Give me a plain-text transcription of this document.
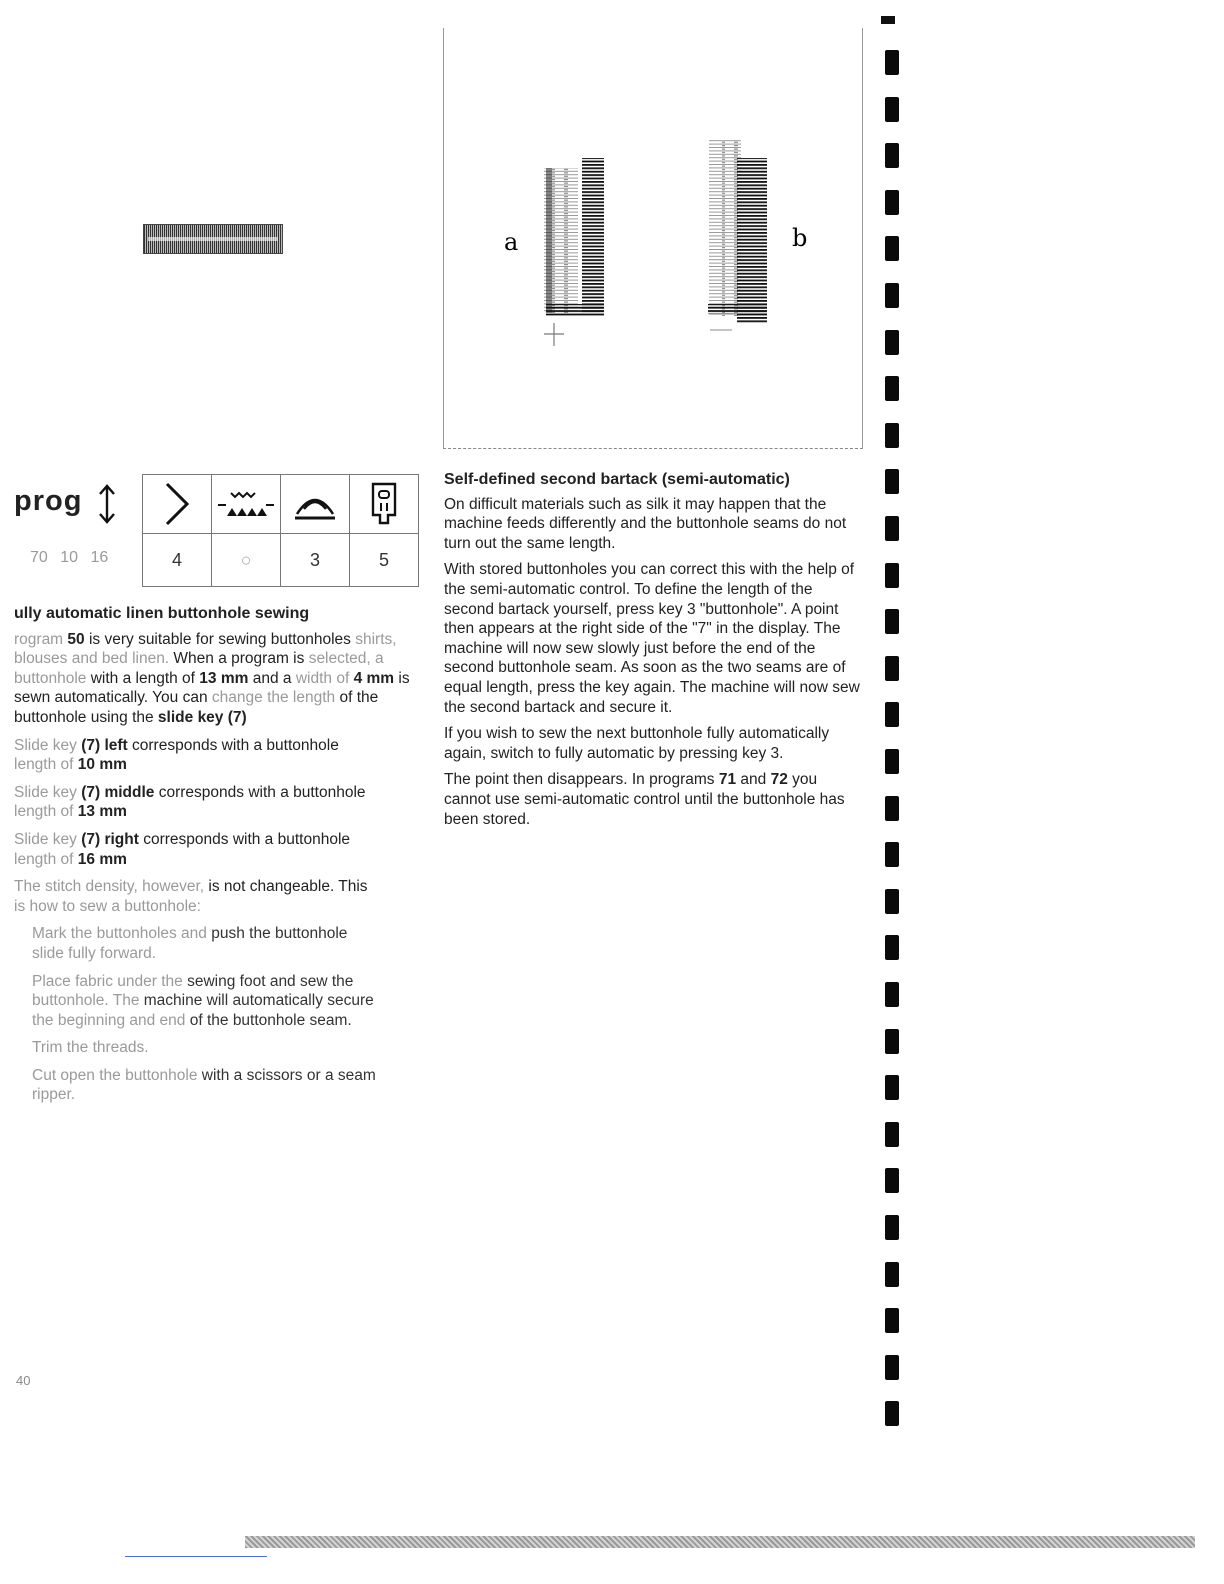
prog
70 10 16

		4	○	3	5
ully automatic linen buttonhole sewing

rogram 50 is very suitable for sewing buttonholes shirts, blouses and bed linen. When a program is selected, a buttonhole with a length of 13 mm and a width of 4 mm is sewn automatically. You can change the length of the buttonhole using the slide key (7)

Slide key (7) left corresponds with a buttonhole
length of 10 mm

Slide key (7) middle corresponds with a buttonhole
length of 13 mm

Slide key (7) right corresponds with a buttonhole
length of 16 mm

The stitch density, however, is not changeable. This
is how to sew a buttonhole:

Mark the buttonholes and push the buttonhole
slide fully forward.

Place fabric under the sewing foot and sew the
buttonhole. The machine will automatically secure
the beginning and end of the buttonhole seam.

Trim the threads.

Cut open the buttonhole with a scissors or a seam
ripper.

40
a	b
Self-defined second bartack (semi-automatic)

On difficult materials such as silk it may happen that the machine feeds differently and the buttonhole seams do not turn out the same length.

With stored buttonholes you can correct this with the help of the semi-automatic control. To define the length of the second bartack yourself, press key 3 "buttonhole". A point then appears at the right side of the "7" in the display. The machine will now sew slowly just before the end of the second buttonhole seam. As soon as the two seams are of equal length, press the key again. The machine will now sew the second bartack and secure it.

If you wish to sew the next buttonhole fully automatically again, switch to fully automatic by pressing key 3.

The point then disappears. In programs 71 and 72 you cannot use semi-automatic control until the buttonhole has been stored.
